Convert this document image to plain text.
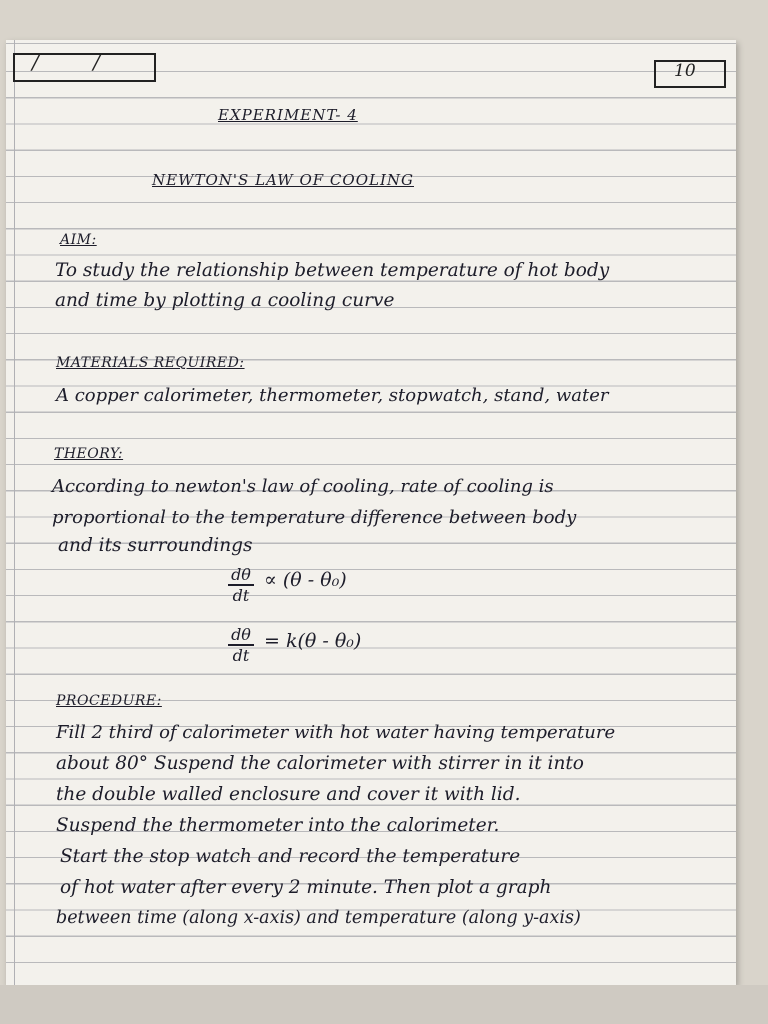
/ /	10
EXPERIMENT- 4
NEWTON'S LAW OF COOLING
AIM:
To study the relationship between temperature of hot body
and time by plotting a cooling curve
MATERIALS REQUIRED:
A copper calorimeter, thermometer, stopwatch, stand, water
THEORY:
According to newton's law of cooling, rate of cooling is
proportional to the temperature difference between body
and its surroundings
dθ
dt
∝ (θ - θ₀)
dθ
dt
= k(θ - θ₀)
PROCEDURE:
Fill 2 third of calorimeter with hot water having temperature
about 80° Suspend the calorimeter with stirrer in it into
the double walled enclosure and cover it with lid.
Suspend the thermometer into the calorimeter.
Start the stop watch and record the temperature
of hot water after every 2 minute. Then plot a graph
between time (along x-axis) and temperature (along y-axis)
